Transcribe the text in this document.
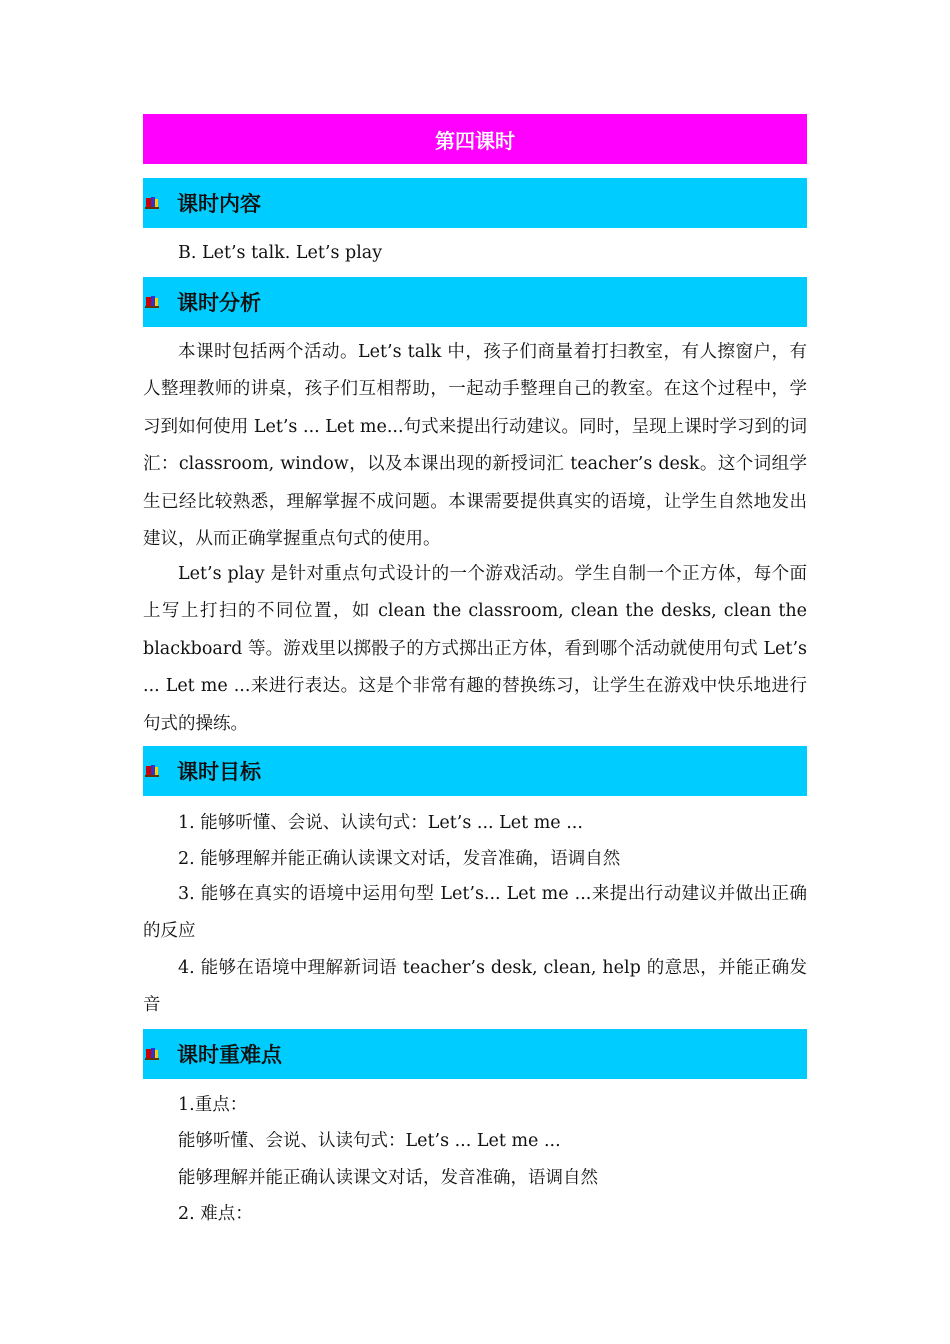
第四课时
课时内容
B. Let’s talk. Let’s play
课时分析
本课时包括两个活动。Let’s talk 中，孩子们商量着打扫教室，有人擦窗户，有人整理教师的讲桌，孩子们互相帮助，一起动手整理自己的教室。在这个过程中，学习到如何使用 Let’s ... Let me...句式来提出行动建议。同时，呈现上课时学习到的词汇：classroom, window，以及本课出现的新授词汇 teacher’s desk。这个词组学生已经比较熟悉，理解掌握不成问题。本课需要提供真实的语境，让学生自然地发出建议，从而正确掌握重点句式的使用。
Let’s play 是针对重点句式设计的一个游戏活动。学生自制一个正方体，每个面上写上打扫的不同位置，如 clean the classroom, clean the desks, clean the blackboard 等。游戏里以掷骰子的方式掷出正方体，看到哪个活动就使用句式 Let’s ... Let me ...来进行表达。这是个非常有趣的替换练习，让学生在游戏中快乐地进行句式的操练。
课时目标
1. 能够听懂、会说、认读句式：Let’s ... Let me ...
2. 能够理解并能正确认读课文对话，发音准确，语调自然
3. 能够在真实的语境中运用句型 Let’s... Let me ...来提出行动建议并做出正确的反应
4. 能够在语境中理解新词语 teacher’s desk, clean, help 的意思，并能正确发音
课时重难点
1.重点：
能够听懂、会说、认读句式：Let’s ... Let me ...
能够理解并能正确认读课文对话，发音准确，语调自然
2. 难点：
